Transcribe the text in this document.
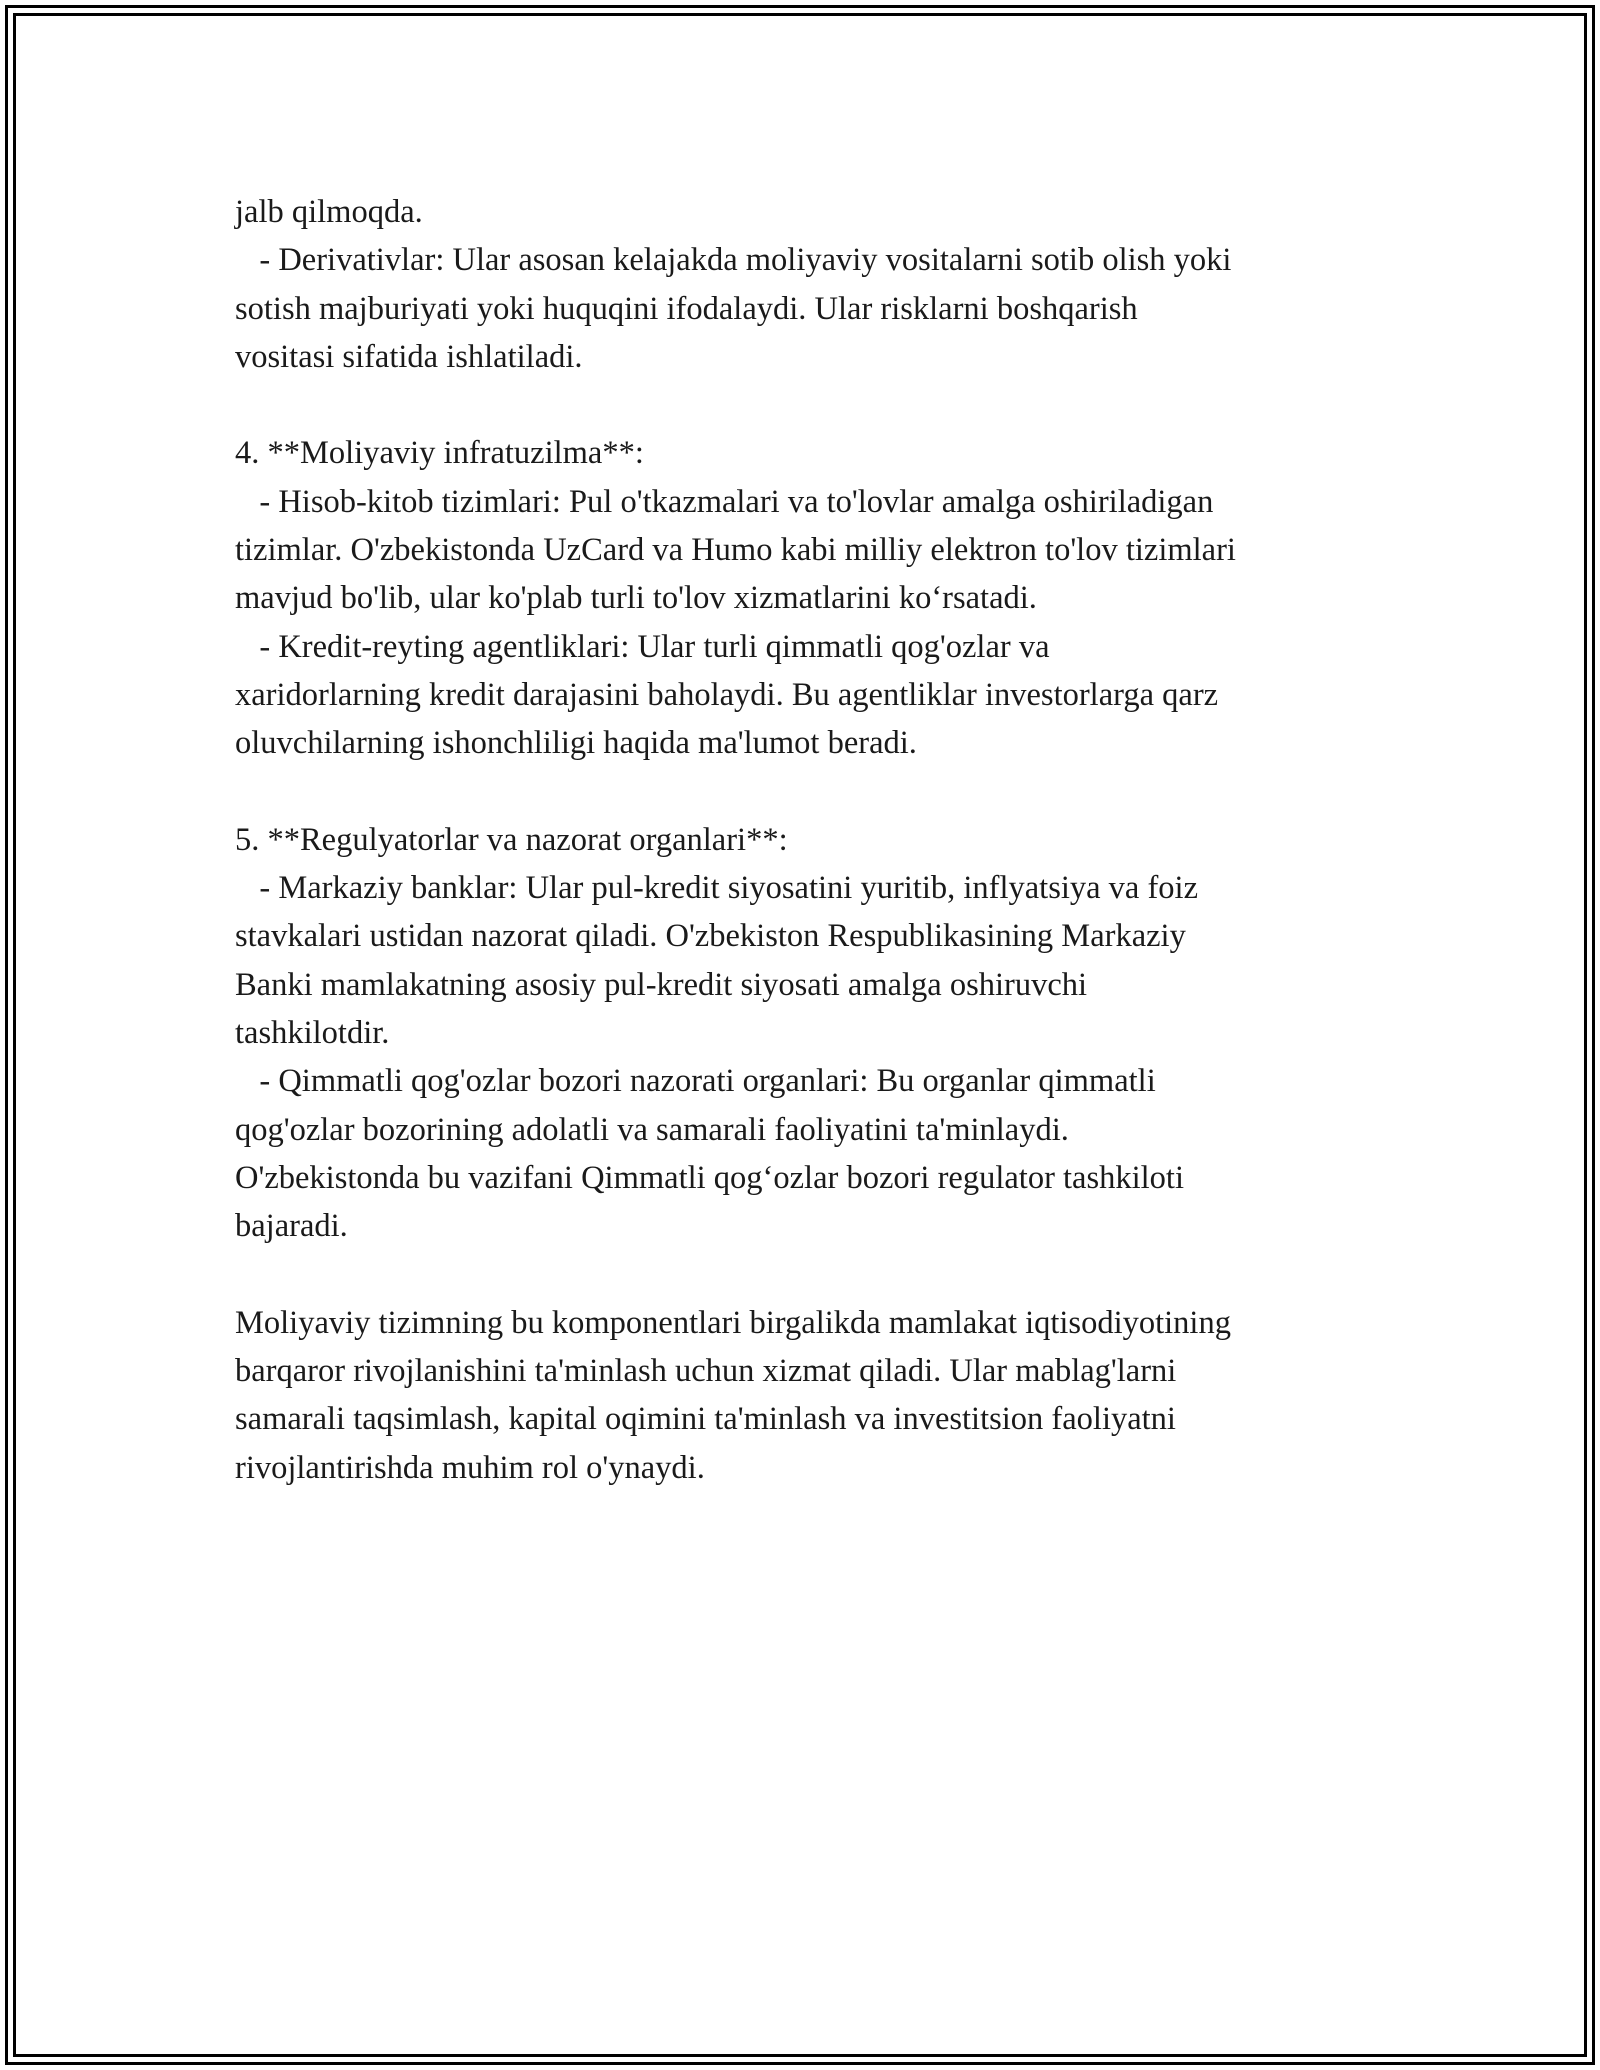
jalb qilmoqda.
- Derivativlar: Ular asosan kelajakda moliyaviy vositalarni sotib olish yoki
sotish majburiyati yoki huquqini ifodalaydi. Ular risklarni boshqarish
vositasi sifatida ishlatiladi.
4. **Moliyaviy infratuzilma**:
- Hisob-kitob tizimlari: Pul o'tkazmalari va to'lovlar amalga oshiriladigan
tizimlar. O'zbekistonda UzCard va Humo kabi milliy elektron to'lov tizimlari
mavjud bo'lib, ular ko'plab turli to'lov xizmatlarini ko‘rsatadi.
- Kredit-reyting agentliklari: Ular turli qimmatli qog'ozlar va
xaridorlarning kredit darajasini baholaydi. Bu agentliklar investorlarga qarz
oluvchilarning ishonchliligi haqida ma'lumot beradi.
5. **Regulyatorlar va nazorat organlari**:
- Markaziy banklar: Ular pul-kredit siyosatini yuritib, inflyatsiya va foiz
stavkalari ustidan nazorat qiladi. O'zbekiston Respublikasining Markaziy
Banki mamlakatning asosiy pul-kredit siyosati amalga oshiruvchi
tashkilotdir.
- Qimmatli qog'ozlar bozori nazorati organlari: Bu organlar qimmatli
qog'ozlar bozorining adolatli va samarali faoliyatini ta'minlaydi.
O'zbekistonda bu vazifani Qimmatli qog‘ozlar bozori regulator tashkiloti
bajaradi.
Moliyaviy tizimning bu komponentlari birgalikda mamlakat iqtisodiyotining
barqaror rivojlanishini ta'minlash uchun xizmat qiladi. Ular mablag'larni
samarali taqsimlash, kapital oqimini ta'minlash va investitsion faoliyatni
rivojlantirishda muhim rol o'ynaydi.
